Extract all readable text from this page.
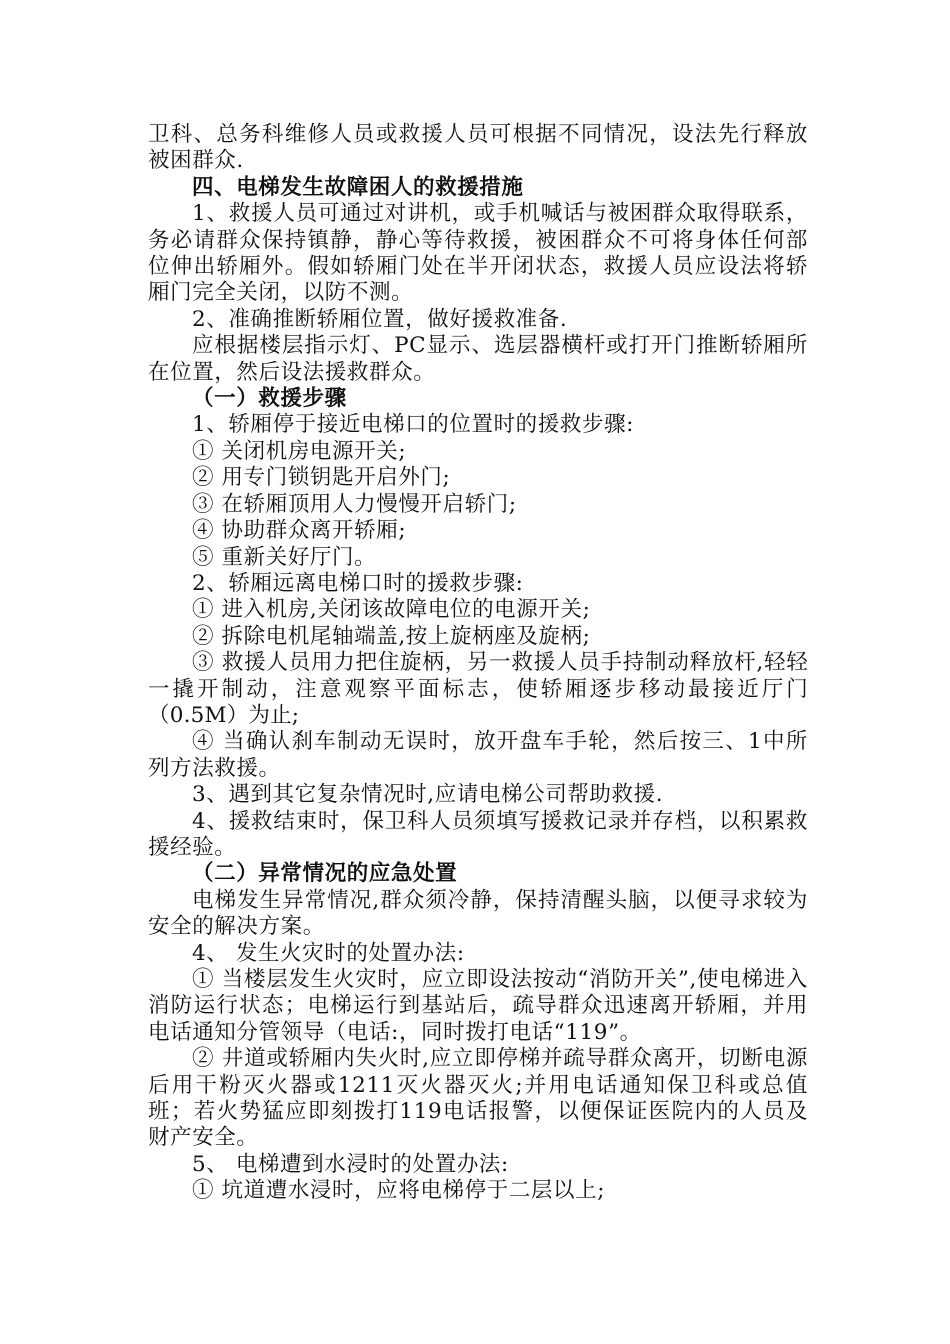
卫科、总务科维修人员或救援人员可根据不同情况，设法先行释放被困群众.

四、电梯发生故障困人的救援措施

1、救援人员可通过对讲机，或手机喊话与被困群众取得联系，务必请群众保持镇静，静心等待救援，被困群众不可将身体任何部位伸出轿厢外。假如轿厢门处在半开闭状态，救援人员应设法将轿厢门完全关闭，以防不测。

2、准确推断轿厢位置，做好援救准备.

应根据楼层指示灯、PC显示、选层器横杆或打开门推断轿厢所在位置，然后设法援救群众。

（一）救援步骤

1、轿厢停于接近电梯口的位置时的援救步骤:

① 关闭机房电源开关;

② 用专门锁钥匙开启外门;

③ 在轿厢顶用人力慢慢开启轿门;

④ 协助群众离开轿厢;

⑤ 重新关好厅门。

2、轿厢远离电梯口时的援救步骤:

① 进入机房,关闭该故障电位的电源开关;

② 拆除电机尾轴端盖,按上旋柄座及旋柄;

③ 救援人员用力把住旋柄，另一救援人员手持制动释放杆,轻轻一撬开制动，注意观察平面标志，使轿厢逐步移动最接近厅门（0.5M）为止;

④ 当确认刹车制动无误时，放开盘车手轮，然后按三、1中所列方法救援。

3、遇到其它复杂情况时,应请电梯公司帮助救援.

4、援救结束时，保卫科人员须填写援救记录并存档，以积累救援经验。

（二）异常情况的应急处置

电梯发生异常情况,群众须冷静，保持清醒头脑，以便寻求较为安全的解决方案。

4、 发生火灾时的处置办法:

① 当楼层发生火灾时，应立即设法按动“消防开关”,使电梯进入消防运行状态；电梯运行到基站后，疏导群众迅速离开轿厢，并用电话通知分管领导（电话:，同时拨打电话“119”。

② 井道或轿厢内失火时,应立即停梯并疏导群众离开，切断电源后用干粉灭火器或1211灭火器灭火;并用电话通知保卫科或总值班；若火势猛应即刻拨打119电话报警，以便保证医院内的人员及财产安全。

5、 电梯遭到水浸时的处置办法:

① 坑道遭水浸时，应将电梯停于二层以上;
